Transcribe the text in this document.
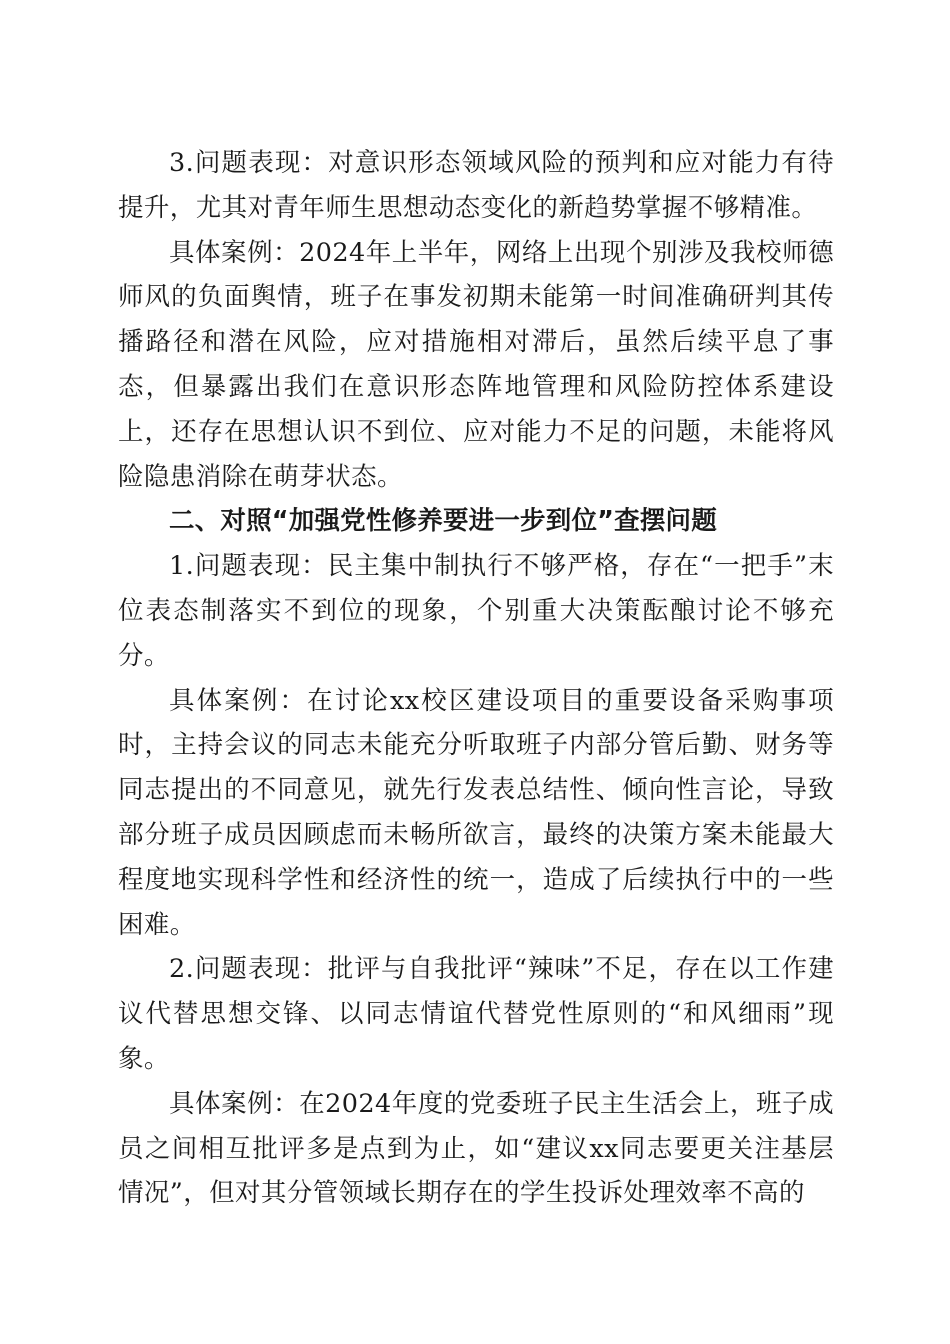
3.问题表现：对意识形态领域风险的预判和应对能力有待提升，尤其对青年师生思想动态变化的新趋势掌握不够精准。

具体案例：2024年上半年，网络上出现个别涉及我校师德师风的负面舆情，班子在事发初期未能第一时间准确研判其传播路径和潜在风险，应对措施相对滞后，虽然后续平息了事态，但暴露出我们在意识形态阵地管理和风险防控体系建设上，还存在思想认识不到位、应对能力不足的问题，未能将风险隐患消除在萌芽状态。

二、对照“加强党性修养要进一步到位”查摆问题

1.问题表现：民主集中制执行不够严格，存在“一把手”末位表态制落实不到位的现象，个别重大决策酝酿讨论不够充分。

具体案例：在讨论xx校区建设项目的重要设备采购事项时，主持会议的同志未能充分听取班子内部分管后勤、财务等同志提出的不同意见，就先行发表总结性、倾向性言论，导致部分班子成员因顾虑而未畅所欲言，最终的决策方案未能最大程度地实现科学性和经济性的统一，造成了后续执行中的一些困难。

2.问题表现：批评与自我批评“辣味”不足，存在以工作建议代替思想交锋、以同志情谊代替党性原则的“和风细雨”现象。

具体案例：在2024年度的党委班子民主生活会上，班子成员之间相互批评多是点到为止，如“建议xx同志要更关注基层情况”，但对其分管领域长期存在的学生投诉处理效率不高的
